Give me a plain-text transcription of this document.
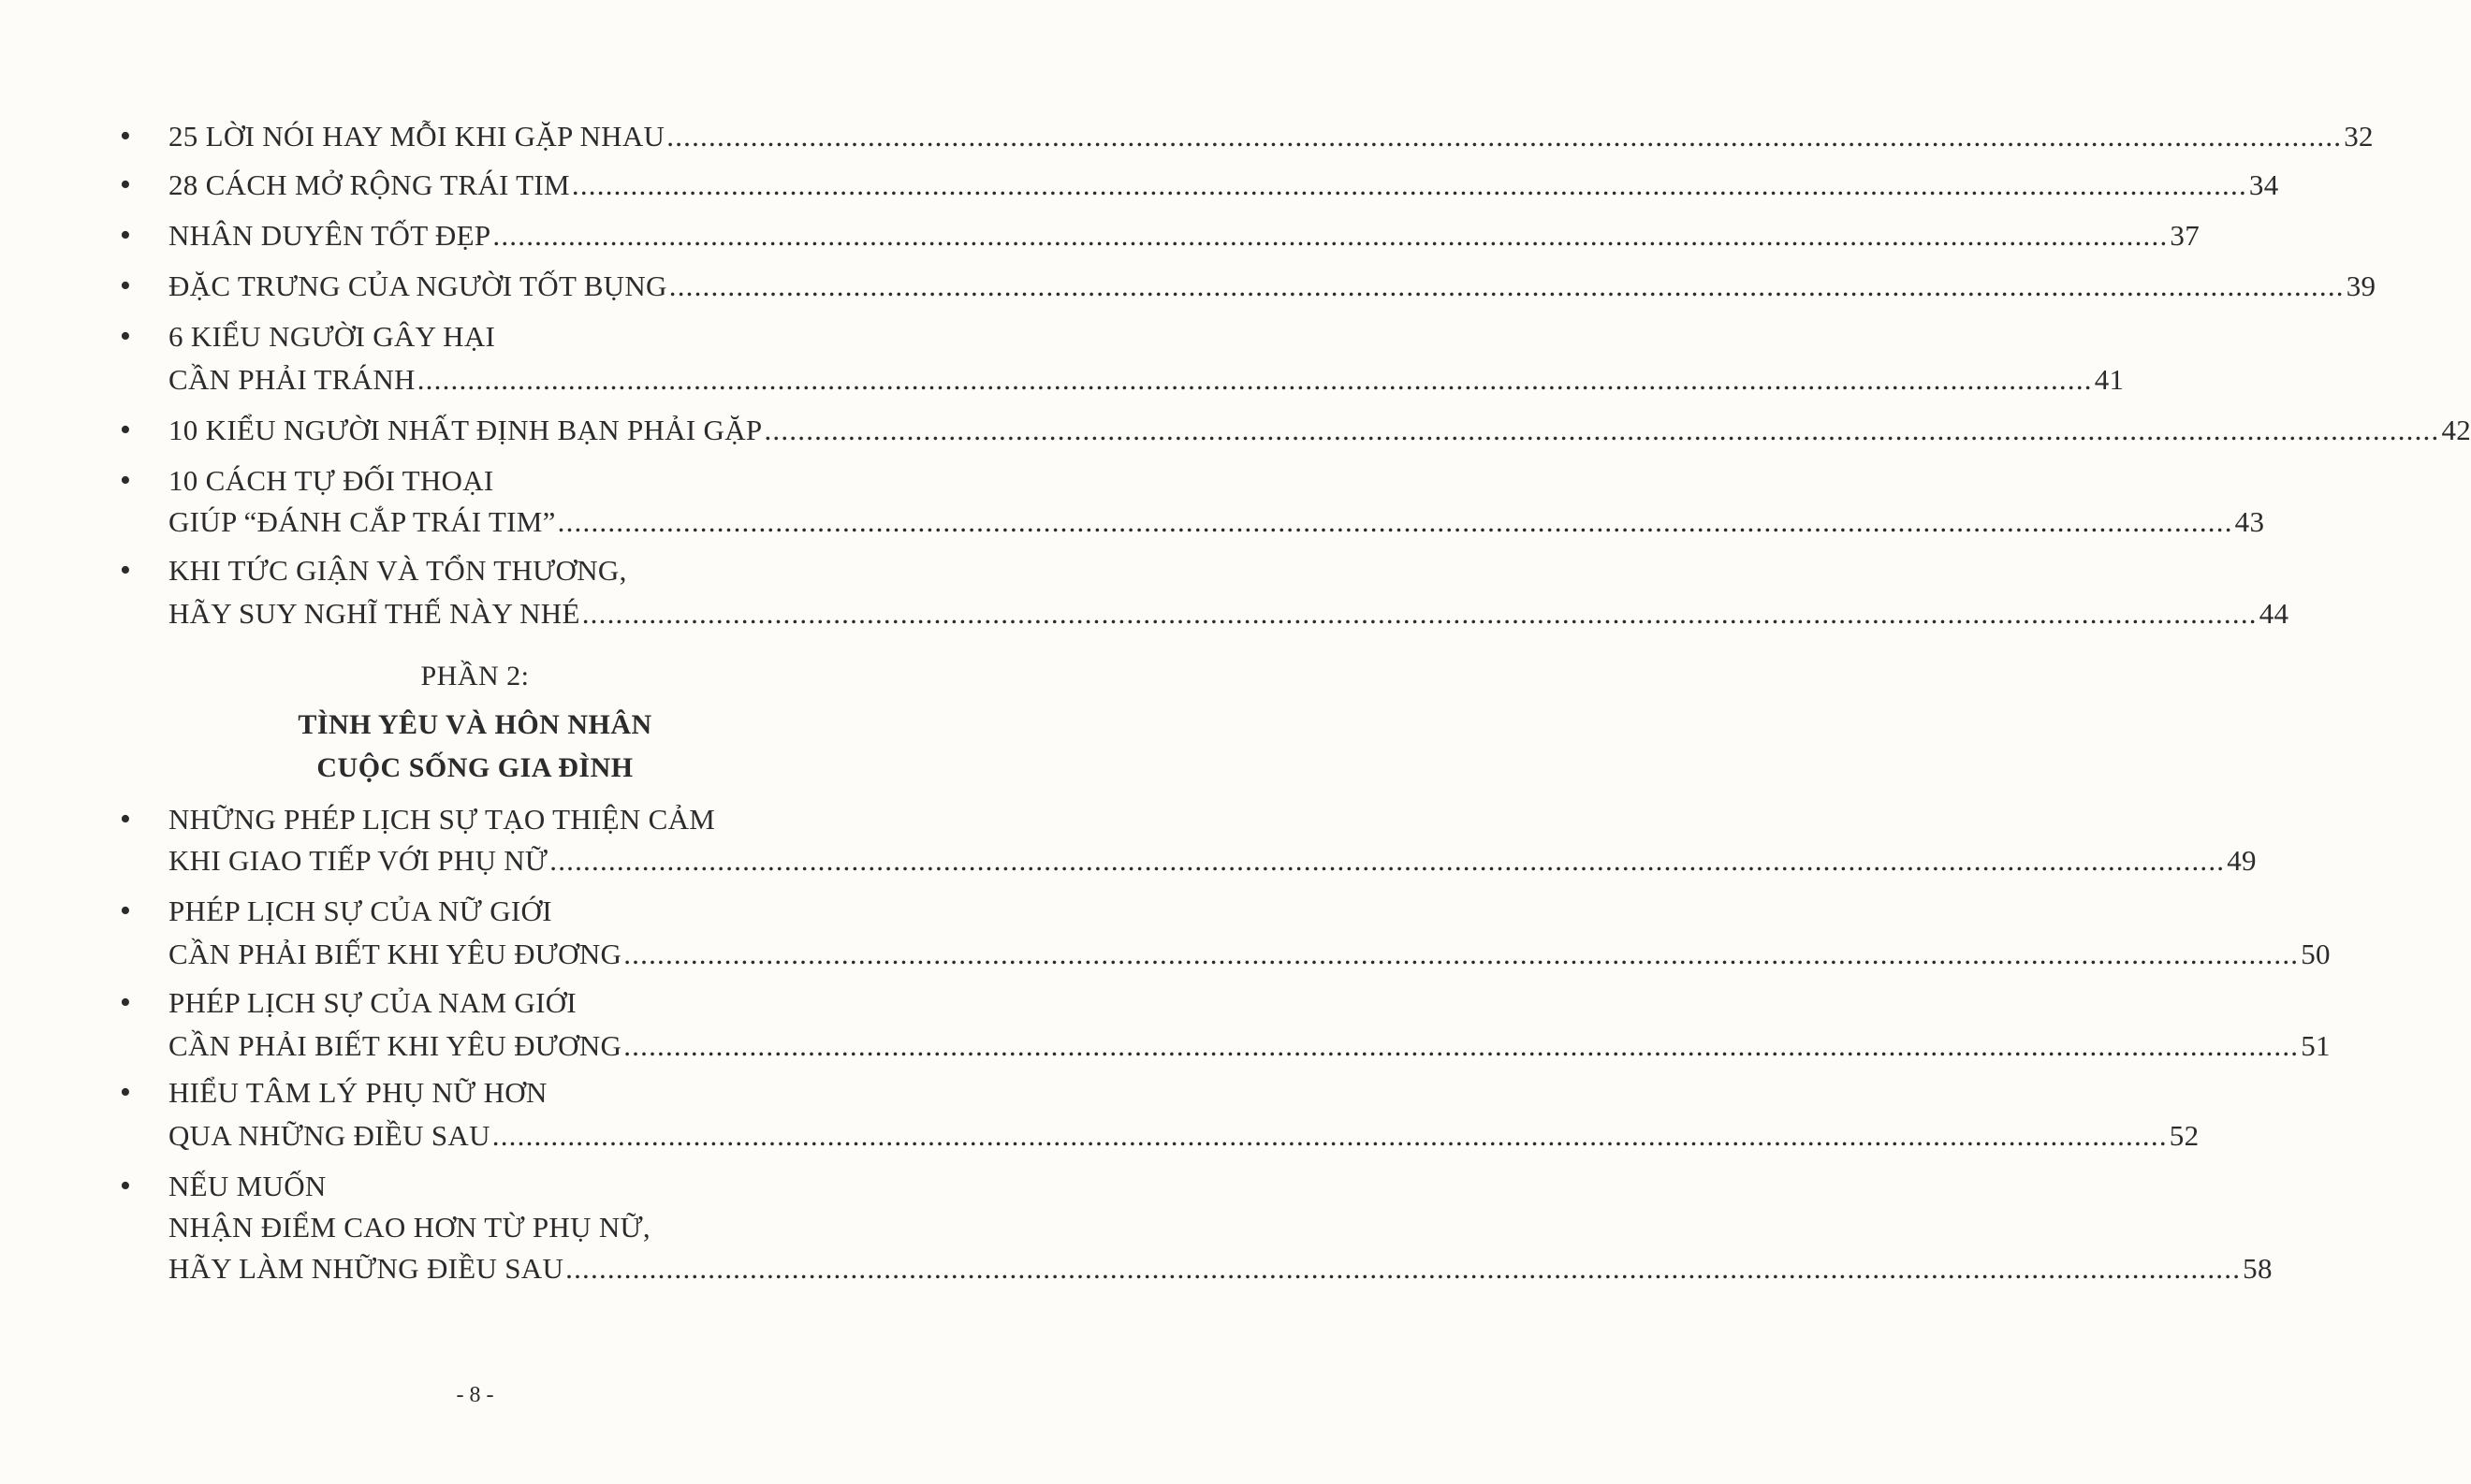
• 25 LỜI NÓI HAY MỖI KHI GẶP NHAU ........................................................................................................................................................................................................ 32
• 28 CÁCH MỞ RỘNG TRÁI TIM ........................................................................................................................................................................................................ 34
• NHÂN DUYÊN TỐT ĐẸP ........................................................................................................................................................................................................ 37
• ĐẶC TRƯNG CỦA NGƯỜI TỐT BỤNG ........................................................................................................................................................................................................ 39
• 6 KIỂU NGƯỜI GÂY HẠI
CẦN PHẢI TRÁNH ........................................................................................................................................................................................................ 41
• 10 KIỂU NGƯỜI NHẤT ĐỊNH BẠN PHẢI GẶP ........................................................................................................................................................................................................ 42
• 10 CÁCH TỰ ĐỐI THOẠI
GIÚP “ĐÁNH CẮP TRÁI TIM” ........................................................................................................................................................................................................ 43
• KHI TỨC GIẬN VÀ TỔN THƯƠNG,
HÃY SUY NGHĨ THẾ NÀY NHÉ ........................................................................................................................................................................................................ 44
PHẦN 2:
TÌNH YÊU VÀ HÔN NHÂN
CUỘC SỐNG GIA ĐÌNH
• NHỮNG PHÉP LỊCH SỰ TẠO THIỆN CẢM
KHI GIAO TIẾP VỚI PHỤ NỮ ........................................................................................................................................................................................................ 49
• PHÉP LỊCH SỰ CỦA NỮ GIỚI
CẦN PHẢI BIẾT KHI YÊU ĐƯƠNG ........................................................................................................................................................................................................ 50
• PHÉP LỊCH SỰ CỦA NAM GIỚI
CẦN PHẢI BIẾT KHI YÊU ĐƯƠNG ........................................................................................................................................................................................................ 51
• HIỂU TÂM LÝ PHỤ NỮ HƠN
QUA NHỮNG ĐIỀU SAU ........................................................................................................................................................................................................ 52
• NẾU MUỐN
NHẬN ĐIỂM CAO HƠN TỪ PHỤ NỮ,
HÃY LÀM NHỮNG ĐIỀU SAU ........................................................................................................................................................................................................ 58
- 8 -
